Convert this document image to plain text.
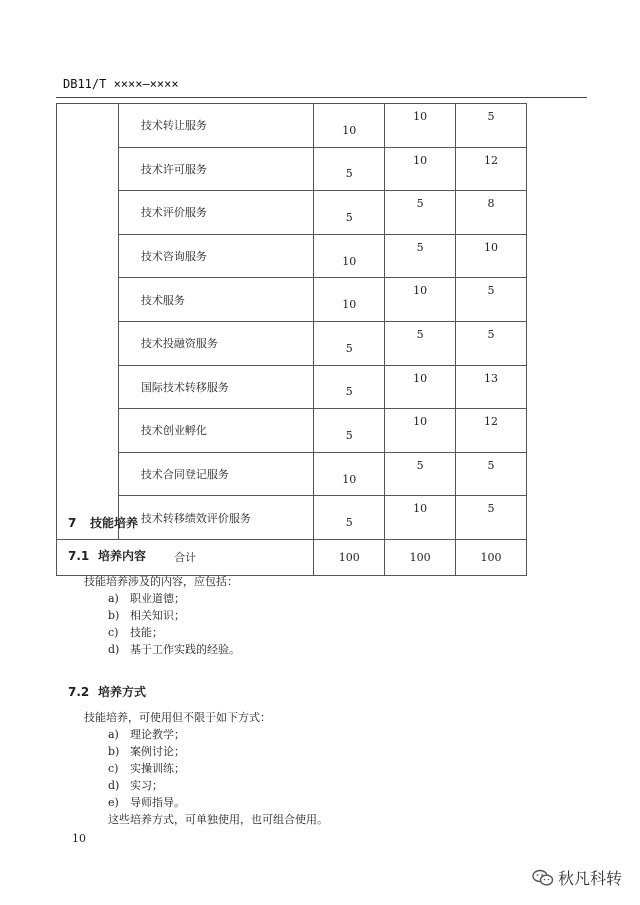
DB11/T ××××—××××
	技术转让服务	10	10	5
	技术许可服务	5	10	12
	技术评价服务	5	5	8
	技术咨询服务	10	5	10
	技术服务	10	10	5
	技术投融资服务	5	5	5
	国际技术转移服务	5	10	13
	技术创业孵化	5	10	12
	技术合同登记服务	10	5	5
	技术转移绩效评价服务	5	10	5
合计		100	100	100
7 技能培养
7.1 培养内容
技能培养涉及的内容，应包括：
a) 职业道德；
b) 相关知识；
c) 技能；
d) 基于工作实践的经验。
7.2 培养方式
技能培养，可使用但不限于如下方式：
a) 理论教学；
b) 案例讨论；
c) 实操训练；
d) 实习；
e) 导师指导。
这些培养方式，可单独使用，也可组合使用。
10
秋凡科转
